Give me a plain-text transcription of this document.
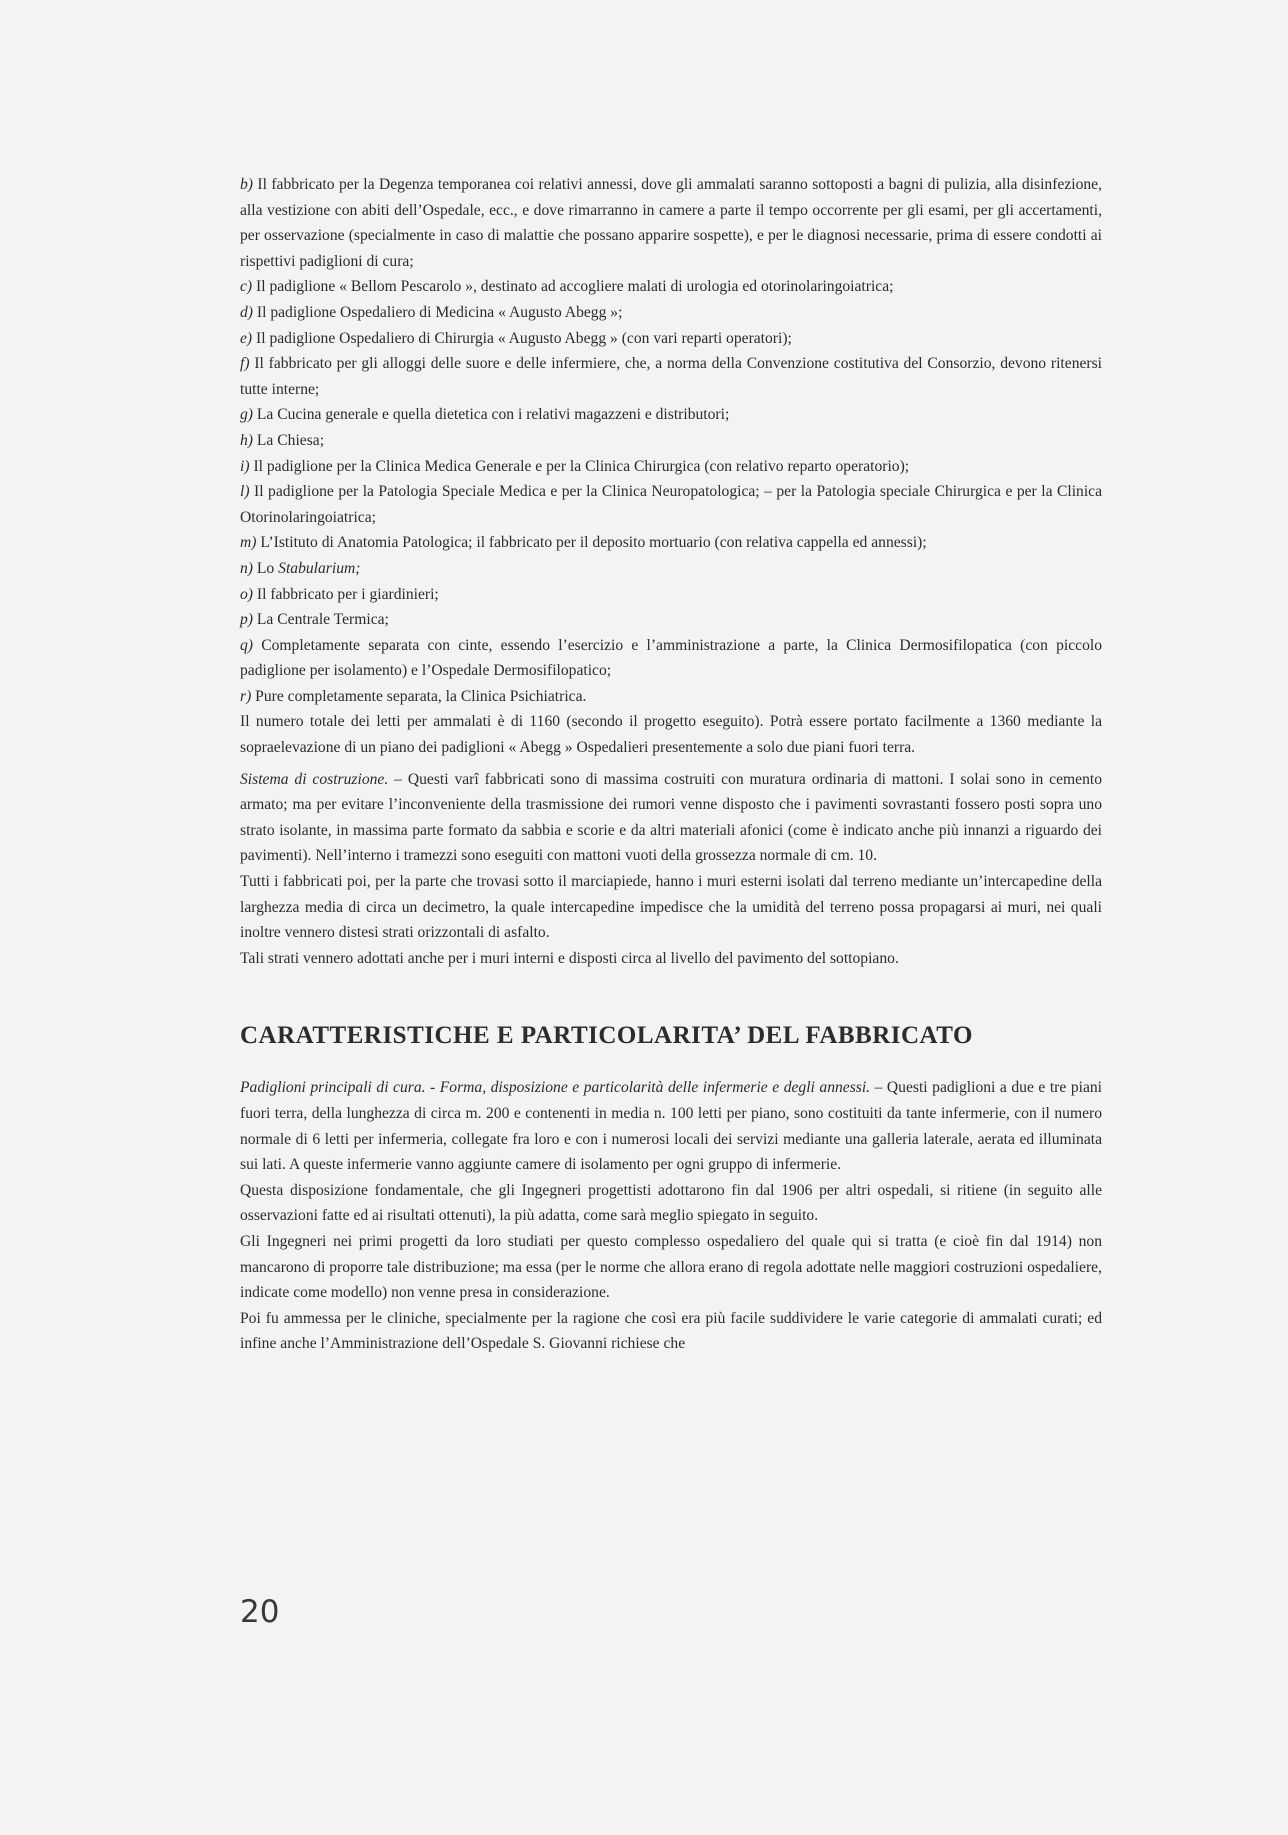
b) Il fabbricato per la Degenza temporanea coi relativi annessi, dove gli ammalati saranno sottoposti a bagni di pulizia, alla disinfezione, alla vestizione con abiti dell’Ospedale, ecc., e dove rimarranno in camere a parte il tempo occorrente per gli esami, per gli accertamenti, per osservazione (specialmente in caso di malattie che possano apparire sospette), e per le diagnosi necessarie, prima di essere condotti ai rispettivi padiglioni di cura;

c) Il padiglione « Bellom Pescarolo », destinato ad accogliere malati di urologia ed otorinolaringoiatrica;

d) Il padiglione Ospedaliero di Medicina « Augusto Abegg »;

e) Il padiglione Ospedaliero di Chirurgia « Augusto Abegg » (con vari reparti operatori);

f) Il fabbricato per gli alloggi delle suore e delle infermiere, che, a norma della Convenzione costitutiva del Consorzio, devono ritenersi tutte interne;

g) La Cucina generale e quella dietetica con i relativi magazzeni e distributori;

h) La Chiesa;

i) Il padiglione per la Clinica Medica Generale e per la Clinica Chirurgica (con relativo reparto operatorio);

l) Il padiglione per la Patologia Speciale Medica e per la Clinica Neuropatologica; – per la Patologia speciale Chirurgica e per la Clinica Otorinolaringoiatrica;

m) L’Istituto di Anatomia Patologica; il fabbricato per il deposito mortuario (con relativa cappella ed annessi);

n) Lo Stabularium;

o) Il fabbricato per i giardinieri;

p) La Centrale Termica;

q) Completamente separata con cinte, essendo l’esercizio e l’amministrazione a parte, la Clinica Dermosifilopatica (con piccolo padiglione per isolamento) e l’Ospedale Dermosifilopatico;

r) Pure completamente separata, la Clinica Psichiatrica.

Il numero totale dei letti per ammalati è di 1160 (secondo il progetto eseguito). Potrà essere portato facilmente a 1360 mediante la sopraelevazione di un piano dei padiglioni « Abegg » Ospedalieri presentemente a solo due piani fuori terra.

Sistema di costruzione. – Questi varî fabbricati sono di massima costruiti con muratura ordinaria di mattoni. I solai sono in cemento armato; ma per evitare l’inconveniente della trasmissione dei rumori venne disposto che i pavimenti sovrastanti fossero posti sopra uno strato isolante, in massima parte formato da sabbia e scorie e da altri materiali afonici (come è indicato anche più innanzi a riguardo dei pavimenti). Nell’interno i tramezzi sono eseguiti con mattoni vuoti della grossezza normale di cm. 10.

Tutti i fabbricati poi, per la parte che trovasi sotto il marciapiede, hanno i muri esterni isolati dal terreno mediante un’intercapedine della larghezza media di circa un decimetro, la quale intercapedine impedisce che la umidità del terreno possa propagarsi ai muri, nei quali inoltre vennero distesi strati orizzontali di asfalto.

Tali strati vennero adottati anche per i muri interni e disposti circa al livello del pavimento del sottopiano.

CARATTERISTICHE E PARTICOLARITA’ DEL FABBRICATO

Padiglioni principali di cura. - Forma, disposizione e particolarità delle infermerie e degli annessi. – Questi padiglioni a due e tre piani fuori terra, della lunghezza di circa m. 200 e contenenti in media n. 100 letti per piano, sono costituiti da tante infermerie, con il numero normale di 6 letti per infermeria, collegate fra loro e con i numerosi locali dei servizi mediante una galleria laterale, aerata ed illuminata sui lati. A queste infermerie vanno aggiunte camere di isolamento per ogni gruppo di infermerie.

Questa disposizione fondamentale, che gli Ingegneri progettisti adottarono fin dal 1906 per altri ospedali, si ritiene (in seguito alle osservazioni fatte ed ai risultati ottenuti), la più adatta, come sarà meglio spiegato in seguito.

Gli Ingegneri nei primi progetti da loro studiati per questo complesso ospedaliero del quale qui si tratta (e cioè fin dal 1914) non mancarono di proporre tale distribuzione; ma essa (per le norme che allora erano di regola adottate nelle maggiori costruzioni ospedaliere, indicate come modello) non venne presa in considerazione.

Poi fu ammessa per le cliniche, specialmente per la ragione che così era più facile suddividere le varie categorie di ammalati curati; ed infine anche l’Amministrazione dell’Ospedale S. Giovanni richiese che

20
